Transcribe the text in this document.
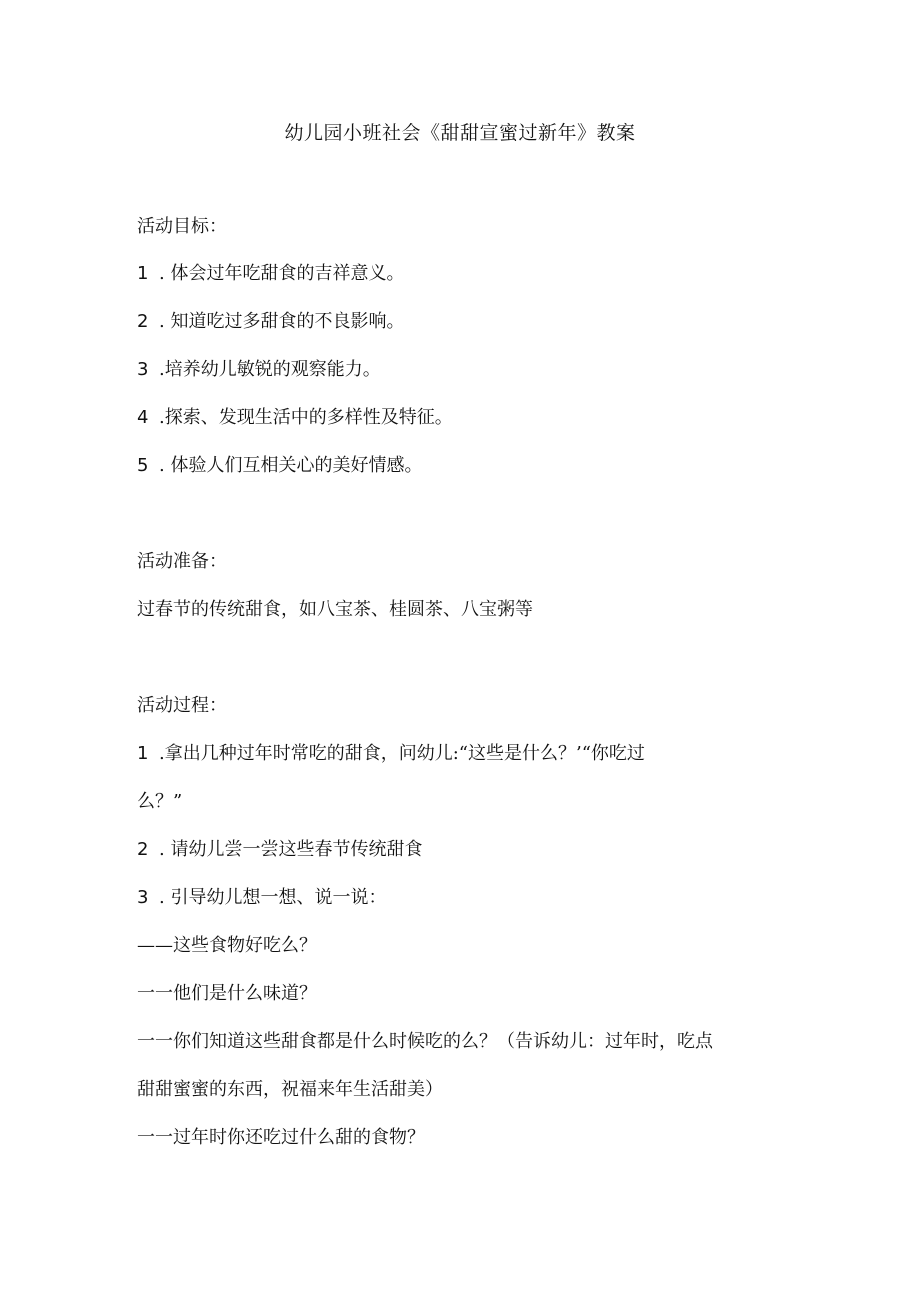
幼儿园小班社会《甜甜宣蜜过新年》教案
活动目标：
1 . 体会过年吃甜食的吉祥意义。
2 . 知道吃过多甜食的不良影响。
3 .培养幼儿敏锐的观察能力。
4 .探索、发现生活中的多样性及特征。
5 . 体验人们互相关心的美好情感。
活动准备：
过春节的传统甜食，如八宝茶、桂圆茶、八宝粥等
活动过程：
1 .拿出几种过年时常吃的甜食，问幼儿:“这些是什么？’“你吃过
么？”
2 . 请幼儿尝一尝这些春节传统甜食
3 . 引导幼儿想一想、说一说：
——这些食物好吃么？
一一他们是什么味道？
一一你们知道这些甜食都是什么时候吃的么？（告诉幼儿：过年时，吃点
甜甜蜜蜜的东西，祝福来年生活甜美）
一一过年时你还吃过什么甜的食物？
